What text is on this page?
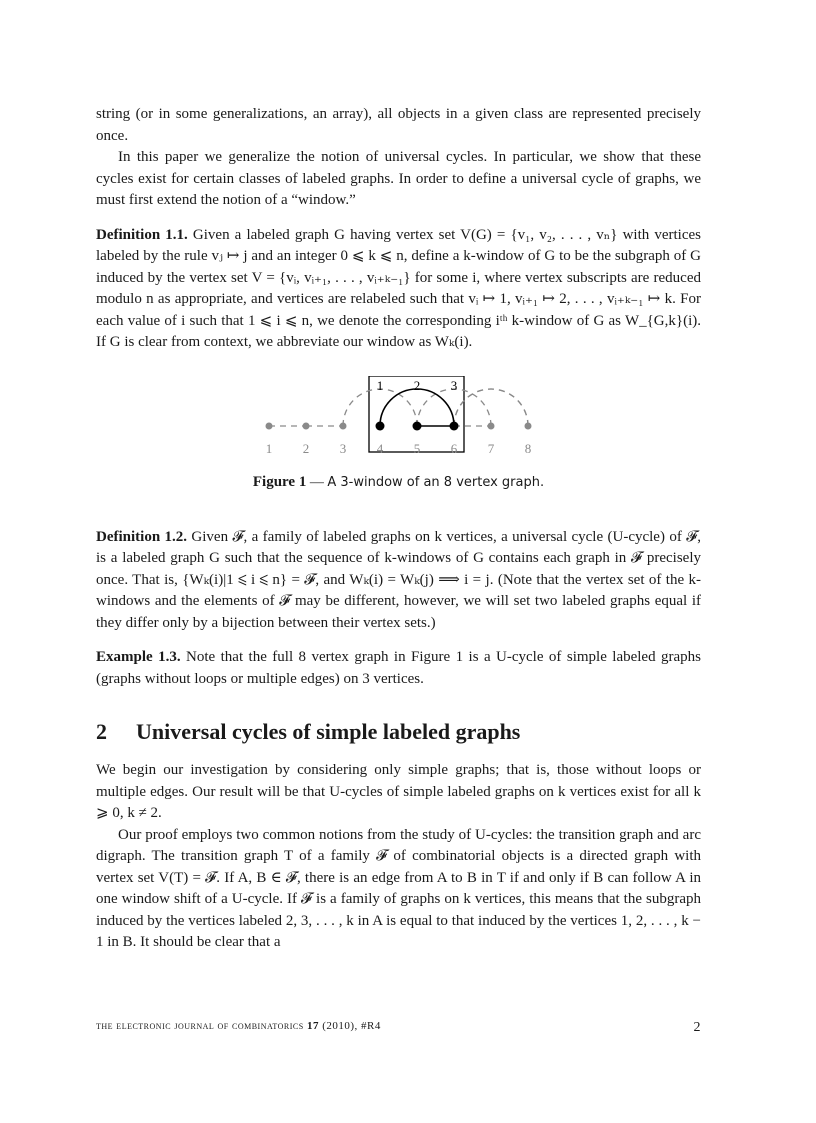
string (or in some generalizations, an array), all objects in a given class are represented precisely once.

In this paper we generalize the notion of universal cycles. In particular, we show that these cycles exist for certain classes of labeled graphs. In order to define a universal cycle of graphs, we must first extend the notion of a “window.”

Definition 1.1. Given a labeled graph G having vertex set V(G) = {v₁, v₂, . . . , vₙ} with vertices labeled by the rule vⱼ ↦ j and an integer 0 ⩽ k ⩽ n, define a k-window of G to be the subgraph of G induced by the vertex set V = {vᵢ, vᵢ₊₁, . . . , vᵢ₊ₖ₋₁} for some i, where vertex subscripts are reduced modulo n as appropriate, and vertices are relabeled such that vᵢ ↦ 1, vᵢ₊₁ ↦ 2, . . . , vᵢ₊ₖ₋₁ ↦ k. For each value of i such that 1 ⩽ i ⩽ n, we denote the corresponding iᵗʰ k-window of G as W_{G,k}(i). If G is clear from context, we abbreviate our window as Wₖ(i).

1 2 3
1 2 3 4 5 6 7 8
Figure 1 — A 3-window of an 8 vertex graph.

Definition 1.2. Given 𝓕, a family of labeled graphs on k vertices, a universal cycle (U-cycle) of 𝓕, is a labeled graph G such that the sequence of k-windows of G contains each graph in 𝓕 precisely once. That is, {Wₖ(i)|1 ⩽ i ⩽ n} = 𝓕, and Wₖ(i) = Wₖ(j) ⟹ i = j. (Note that the vertex set of the k-windows and the elements of 𝓕 may be different, however, we will set two labeled graphs equal if they differ only by a bijection between their vertex sets.)

Example 1.3. Note that the full 8 vertex graph in Figure 1 is a U-cycle of simple labeled graphs (graphs without loops or multiple edges) on 3 vertices.

2 Universal cycles of simple labeled graphs

We begin our investigation by considering only simple graphs; that is, those without loops or multiple edges. Our result will be that U-cycles of simple labeled graphs on k vertices exist for all k ⩾ 0, k ≠ 2.

Our proof employs two common notions from the study of U-cycles: the transition graph and arc digraph. The transition graph T of a family 𝓕 of combinatorial objects is a directed graph with vertex set V(T) = 𝓕. If A, B ∈ 𝓕, there is an edge from A to B in T if and only if B can follow A in one window shift of a U-cycle. If 𝓕 is a family of graphs on k vertices, this means that the subgraph induced by the vertices labeled 2, 3, . . . , k in A is equal to that induced by the vertices 1, 2, . . . , k − 1 in B. It should be clear that a

the electronic journal of combinatorics 17 (2010), #R4	2
